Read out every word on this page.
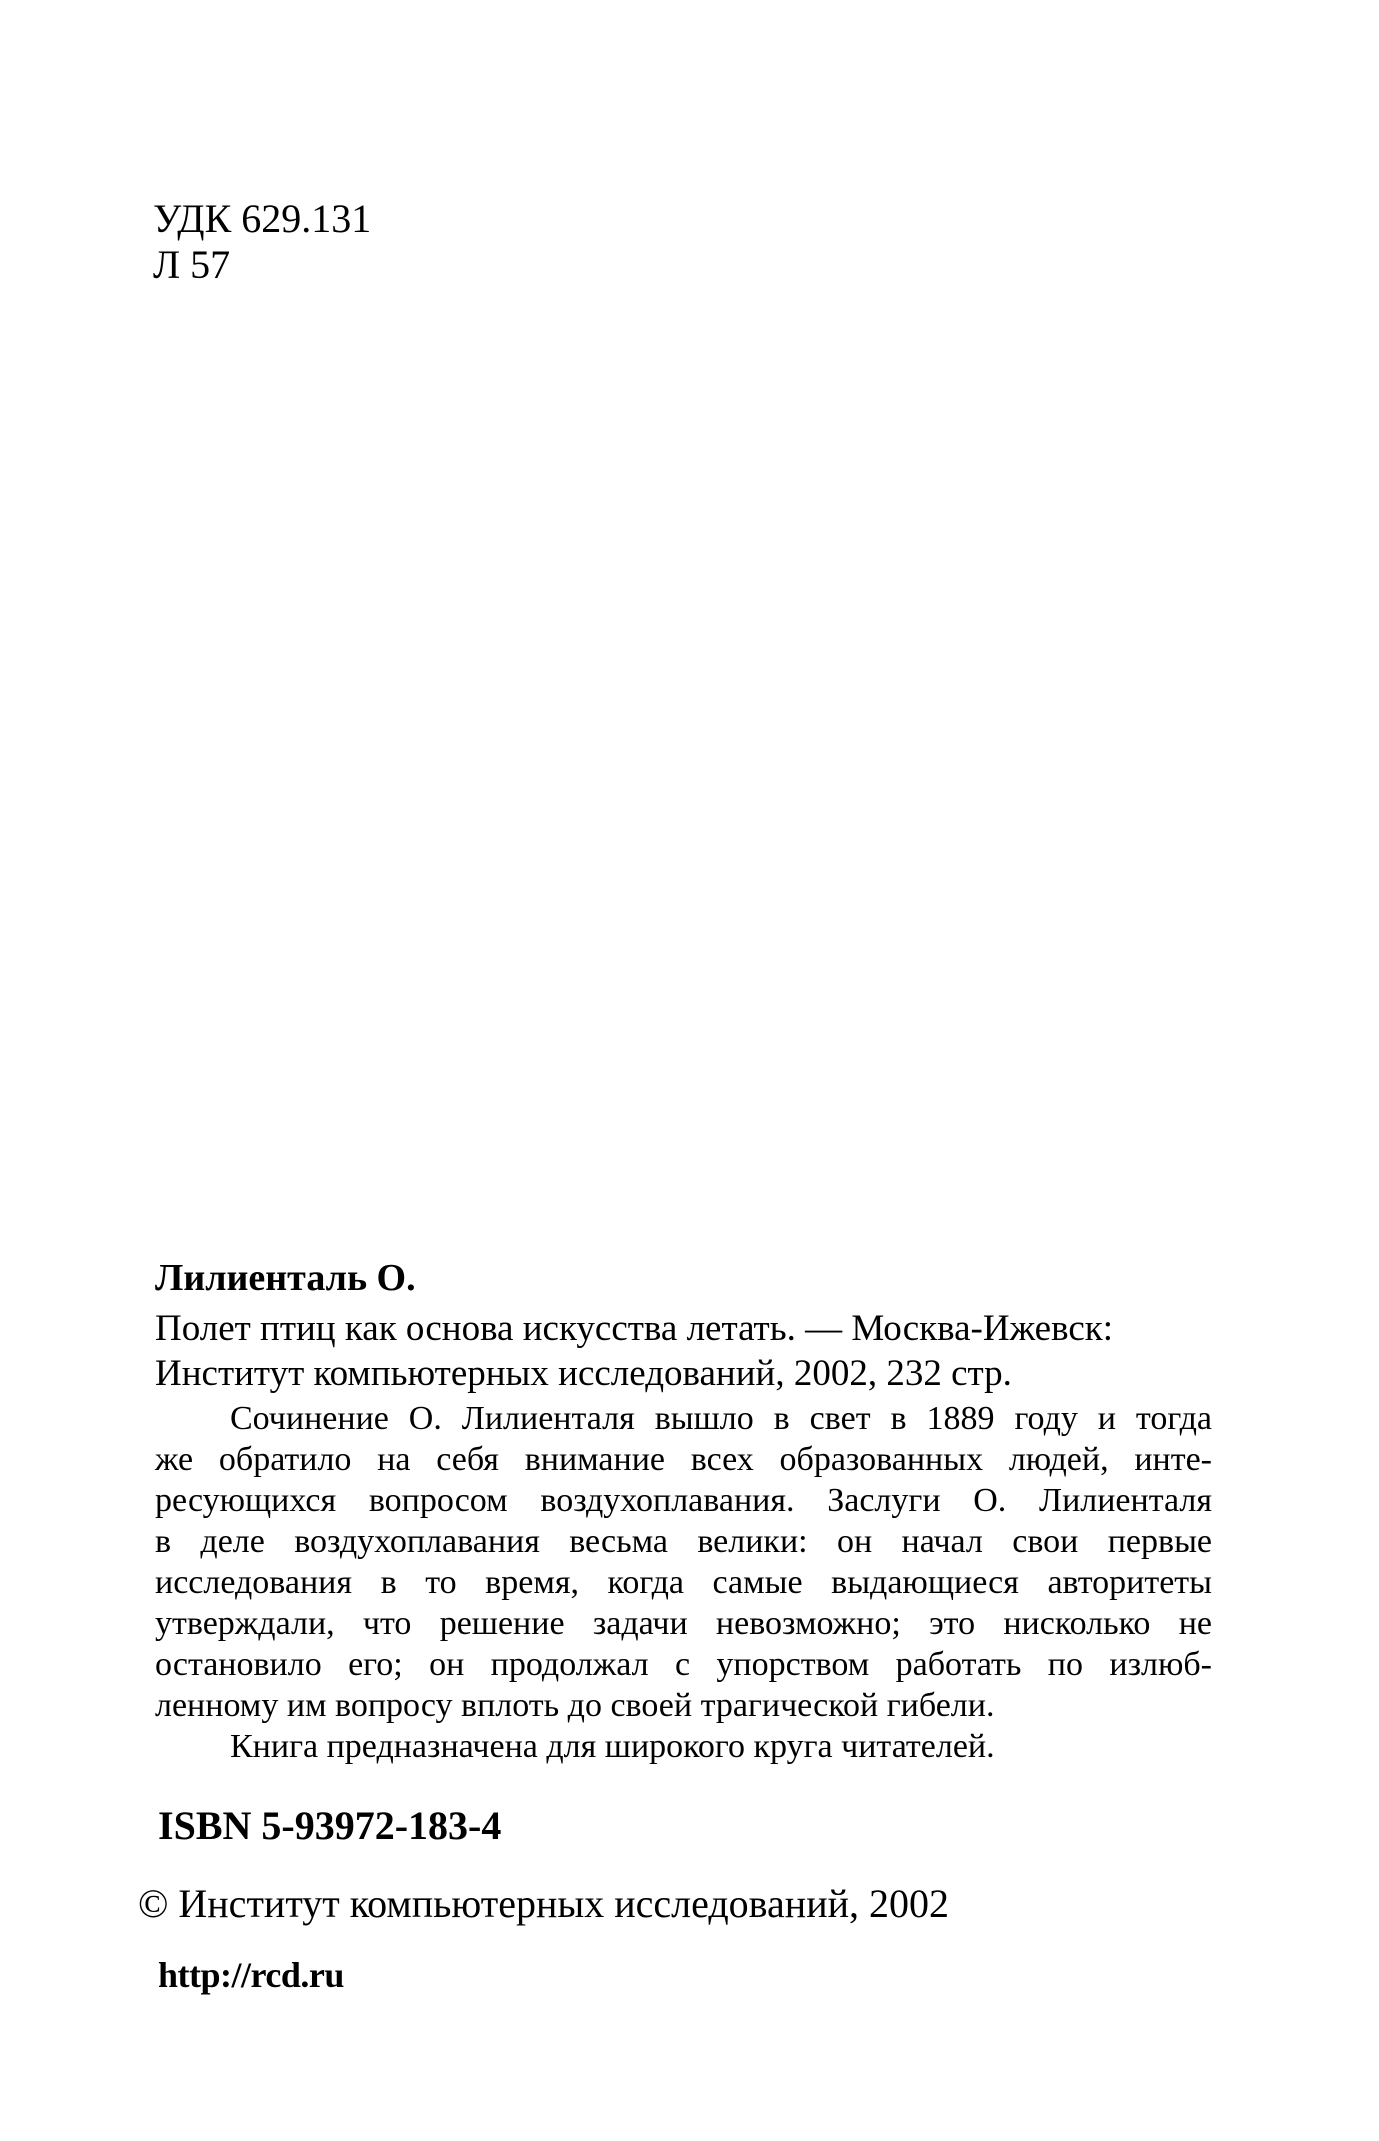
УДК 629.131
Л 57
Лилиенталь О.
Полет птиц как основа искусства летать. — Москва-Ижевск:
Институт компьютерных исследований, 2002, 232 стр.
Сочинение О. Лилиенталя вышло в свет в 1889 году и тогда
же обратило на себя внимание всех образованных людей, инте-
ресующихся вопросом воздухоплавания. Заслуги О. Лилиенталя
в деле воздухоплавания весьма велики: он начал свои первые
исследования в то время, когда самые выдающиеся авторитеты
утверждали, что решение задачи невозможно; это нисколько не
остановило его; он продолжал с упорством работать по излюб-
ленному им вопросу вплоть до своей трагической гибели.
Книга предназначена для широкого круга читателей.
ISBN 5-93972-183-4
© Институт компьютерных исследований, 2002
http://rcd.ru
